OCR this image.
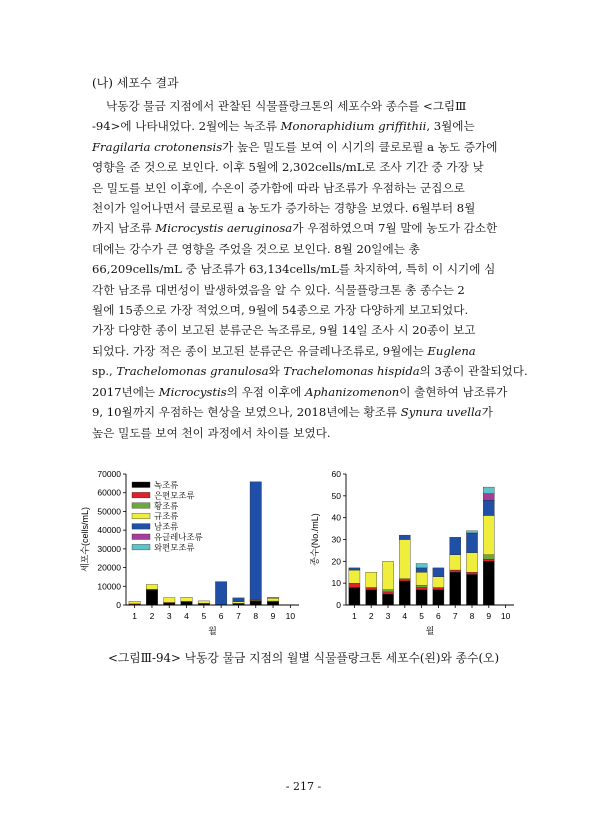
(나) 세포수 결과

낙동강 물금 지점에서 관찰된 식물플랑크톤의 세포수와 종수를 <그림Ⅲ

-94>에 나타내었다. 2월에는 녹조류 Monoraphidium griffithii, 3월에는

Fragilaria crotonensis가 높은 밀도를 보여 이 시기의 클로로필 a 농도 증가에

영향을 준 것으로 보인다. 이후 5월에 2,302cells/mL로 조사 기간 중 가장 낮

은 밀도를 보인 이후에, 수온이 증가함에 따라 남조류가 우점하는 군집으로

천이가 일어나면서 클로로필 a 농도가 증가하는 경향을 보였다. 6월부터 8월

까지 남조류 Microcystis aeruginosa가 우점하였으며 7월 말에 농도가 감소한

데에는 강수가 큰 영향을 주었을 것으로 보인다. 8월 20일에는 총

66,209cells/mL 중 남조류가 63,134cells/mL를 차지하여, 특히 이 시기에 심

각한 남조류 대번성이 발생하였음을 알 수 있다. 식물플랑크톤 총 종수는 2

월에 15종으로 가장 적었으며, 9월에 54종으로 가장 다양하게 보고되었다.

가장 다양한 종이 보고된 분류군은 녹조류로, 9월 14일 조사 시 20종이 보고

되었다. 가장 적은 종이 보고된 분류군은 유글레나조류로, 9월에는 Euglena

sp., Trachelomonas granulosa와 Trachelomonas hispida의 3종이 관찰되었다.

2017년에는 Microcystis의 우점 이후에 Aphanizomenon이 출현하여 남조류가

9, 10월까지 우점하는 현상을 보였으나, 2018년에는 황조류 Synura uvella가

높은 밀도를 보여 천이 과정에서 차이를 보였다.

0
10000
20000
30000
40000
50000
60000
70000
1 2 3 4 5 6 7 8 9 10
월
세포수(cells/mL)
녹조류
은편모조류
황조류
규조류
남조류
유글레나조류
와편모조류
0
10
20
30
40
50
60
1 2 3 4 5 6 7 8 9 10
월
종수(No./mL)
<그림Ⅲ-94> 낙동강 물금 지점의 월별 식물플랑크톤 세포수(왼)와 종수(오)
- 217 -
